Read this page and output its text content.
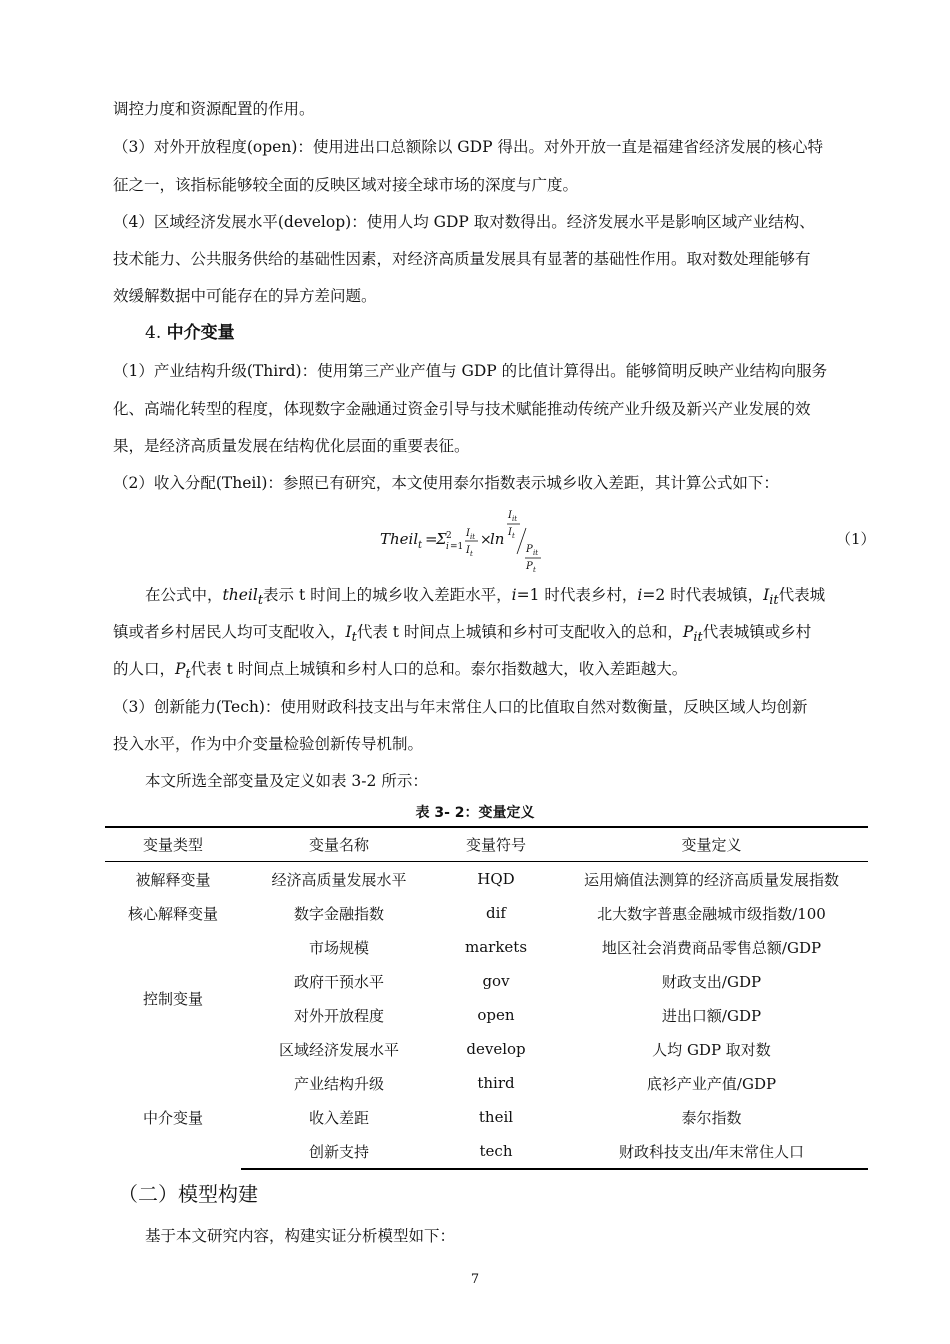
调控力度和资源配置的作用。
（3）对外开放程度(open)：使用进出口总额除以 GDP 得出。对外开放一直是福建省经济发展的核心特
征之一，该指标能够较全面的反映区域对接全球市场的深度与广度。
（4）区域经济发展水平(develop)：使用人均 GDP 取对数得出。经济发展水平是影响区域产业结构、
技术能力、公共服务供给的基础性因素，对经济高质量发展具有显著的基础性作用。取对数处理能够有
效缓解数据中可能存在的异方差问题。
4. 中介变量
（1）产业结构升级(Third)：使用第三产业产值与 GDP 的比值计算得出。能够简明反映产业结构向服务
化、高端化转型的程度，体现数字金融通过资金引导与技术赋能推动传统产业升级及新兴产业发展的效
果，是经济高质量发展在结构优化层面的重要表征。
（2）收入分配(Theil)：参照已有研究，本文使用泰尔指数表示城乡收入差距，其计算公式如下：
Theil t =
Σ 2
i =1
I it
I t
×
ln
I it
I t
P it
P t
（1）
在公式中，theil$_t$表示 t 时间上的城乡收入差距水平，i=1 时代表乡村，i=2 时代表城镇，$I_{it}$代表城
镇或者乡村居民人均可支配收入，$I_t$代表 t 时间点上城镇和乡村可支配收入的总和，$P_{it}$代表城镇或乡村
的人口，$P_t$代表 t 时间点上城镇和乡村人口的总和。泰尔指数越大，收入差距越大。
（3）创新能力(Tech)：使用财政科技支出与年末常住人口的比值取自然对数衡量，反映区域人均创新
投入水平，作为中介变量检验创新传导机制。
本文所选全部变量及定义如表 3-2 所示：
表 3- 2：变量定义
变量类型	变量名称	变量符号	变量定义
被解释变量	经济高质量发展水平	HQD	运用熵值法测算的经济高质量发展指数
核心解释变量	数字金融指数	dif	北大数字普惠金融城市级指数/100
控制变量	市场规模	markets	地区社会消费商品零售总额/GDP
	政府干预水平	gov	财政支出/GDP
	对外开放程度	open	进出口额/GDP
	区域经济发展水平	develop	人均 GDP 取对数
中介变量	产业结构升级	third	底衫产业产值/GDP
	收入差距	theil	泰尔指数
	创新支持	tech	财政科技支出/年末常住人口
（二）模型构建
基于本文研究内容，构建实证分析模型如下：
7
